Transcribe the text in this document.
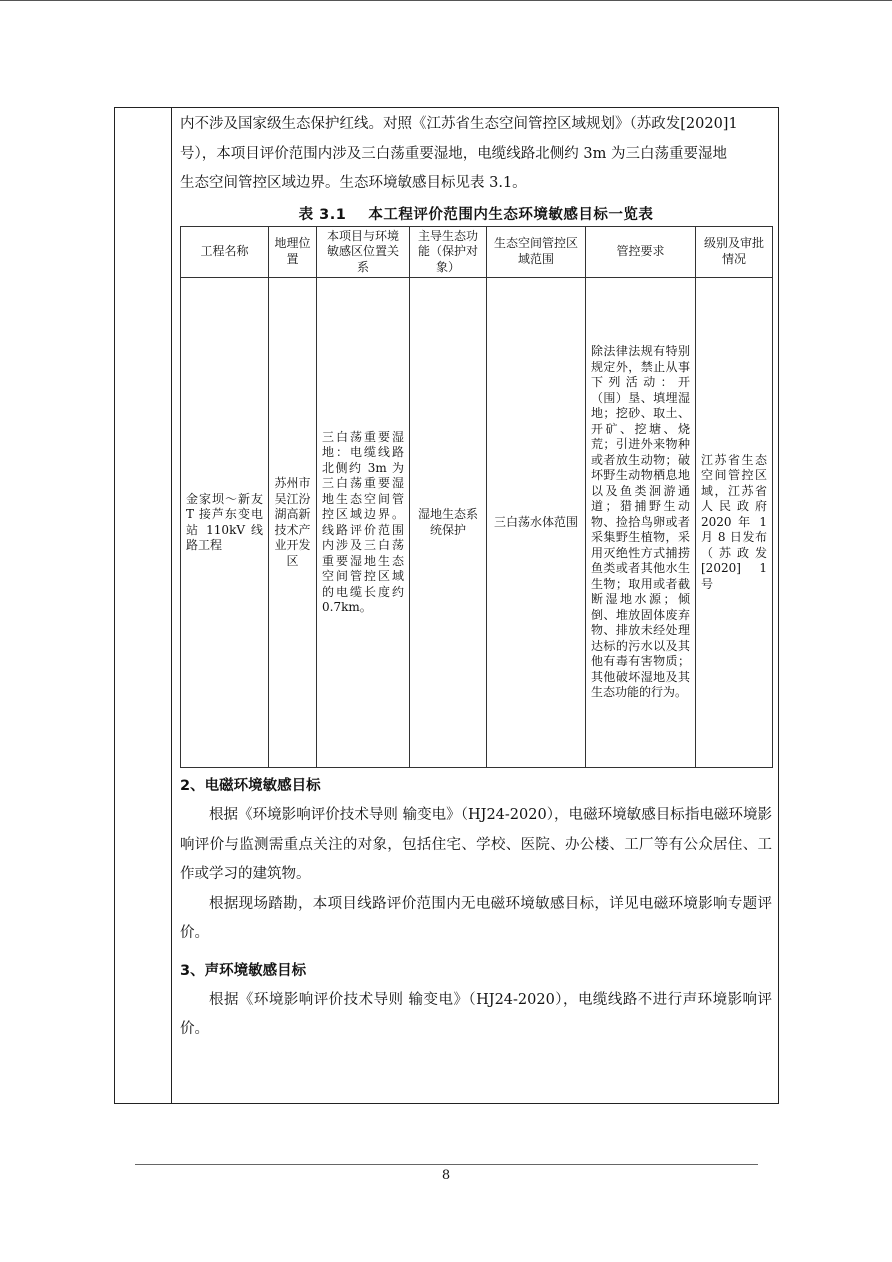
内不涉及国家级生态保护红线。对照《江苏省生态空间管控区域规划》（苏政发[2020]1

号），本项目评价范围内涉及三白荡重要湿地，电缆线路北侧约 3m 为三白荡重要湿地

生态空间管控区域边界。生态环境敏感目标见表 3.1。

表 3.1 本工程评价范围内生态环境敏感目标一览表
工程名称	地理位置	本项目与环境敏感区位置关系	主导生态功能（保护对象）	生态空间管控区域范围	管控要求	级别及审批情况
金家坝～新友 T 接芦东变电站 110kV 线路工程	苏州市吴江汾湖高新技术产业开发区	三白荡重要湿地：电缆线路北侧约 3m 为三白荡重要湿地生态空间管控区域边界。线路评价范围内涉及三白荡重要湿地生态空间管控区域的电缆长度约 0.7km。	湿地生态系统保护	三白荡水体范围	除法律法规有特别规定外，禁止从事下列活动：开（围）垦、填埋湿地；挖砂、取土、开矿、挖塘、烧荒；引进外来物种或者放生动物；破坏野生动物栖息地以及鱼类洄游通道；猎捕野生动物、捡拾鸟卵或者采集野生植物，采用灭绝性方式捕捞鱼类或者其他水生生物；取用或者截断湿地水源；倾倒、堆放固体废弃物、排放未经处理达标的污水以及其他有毒有害物质；其他破坏湿地及其生态功能的行为。	江苏省生态空间管控区域，江苏省人民政府 2020 年 1 月 8 日发布（苏政发[2020] 1 号

2、电磁环境敏感目标

根据《环境影响评价技术导则 输变电》（HJ24-2020），电磁环境敏感目标指电磁环境影响评价与监测需重点关注的对象，包括住宅、学校、医院、办公楼、工厂等有公众居住、工作或学习的建筑物。

根据现场踏勘，本项目线路评价范围内无电磁环境敏感目标，详见电磁环境影响专题评价。

3、声环境敏感目标

根据《环境影响评价技术导则 输变电》（HJ24-2020），电缆线路不进行声环境影响评价。

8
